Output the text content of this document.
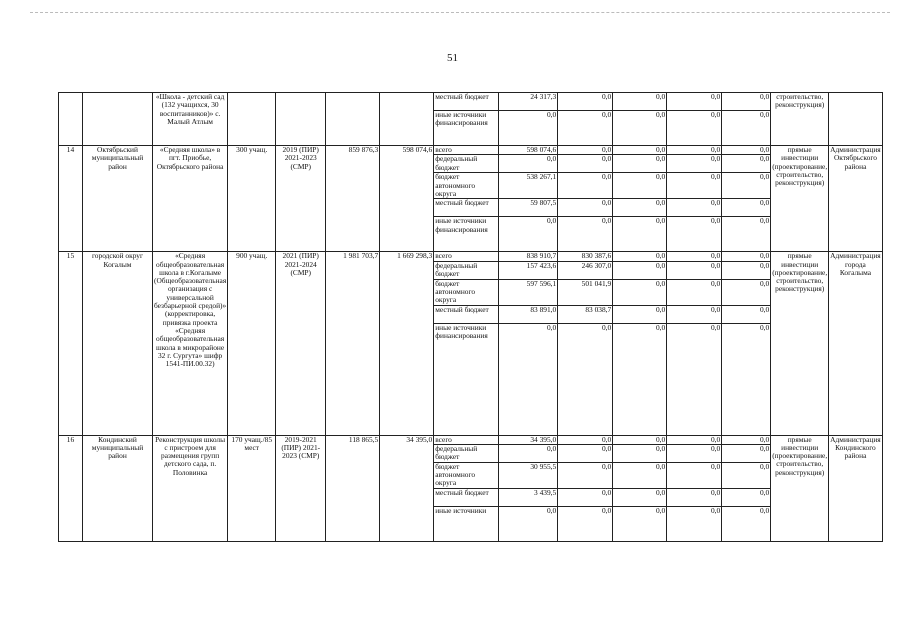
51
		«Школа - детский сад (132 учащихся, 30 воспитанников)» с. Малый Атлым					местный бюджет	24 317,3	0,0	0,0	0,0	0,0	строительство, реконструкция)	
							иные источники финансирования	0,0	0,0	0,0	0,0	0,0		
14	Октябрьский муниципальный район	«Средняя школа» в пгт. Приобье, Октябрьского района	300 учащ.	2019 (ПИР) 2021-2023 (СМР)	859 876,3	598 074,6	всего	598 074,6	0,0	0,0	0,0	0,0	прямые инвестиции (проектирование, строительство, реконструкция)	Администрация Октябрьского района
							федеральный бюджет	0,0	0,0	0,0	0,0	0,0		
							бюджет автономного округа	538 267,1	0,0	0,0	0,0	0,0		
							местный бюджет	59 807,5	0,0	0,0	0,0	0,0		
							иные источники финансирования	0,0	0,0	0,0	0,0	0,0		
15	городской округ Когалым	«Средняя общеобразовательная школа в г.Когалыме (Общеобразовательная организация с универсальной безбарьерной средой)» (корректировка, привязка проекта «Средняя общеобразовательная школа в микрорайоне 32 г. Сургута» шифр 1541-ПИ.00.32)	900 учащ.	2021 (ПИР) 2021-2024 (СМР)	1 981 703,7	1 669 298,3	всего	838 910,7	830 387,6	0,0	0,0	0,0	прямые инвестиции (проектирование, строительство, реконструкция)	Администрация города Когалыма
							федеральный бюджет	157 423,6	246 307,0	0,0	0,0	0,0		
							бюджет автономного округа	597 596,1	501 041,9	0,0	0,0	0,0		
							местный бюджет	83 891,0	83 038,7	0,0	0,0	0,0		
							иные источники финансирования	0,0	0,0	0,0	0,0	0,0		
16	Кондинский муниципальный район	Реконструкция школы с пристроем для размещения групп детского сада, п. Половинка	170 учащ./85 мест	2019-2021 (ПИР) 2021-2023 (СМР)	118 865,5	34 395,0	всего	34 395,0	0,0	0,0	0,0	0,0	прямые инвестиции (проектирование, строительство, реконструкция)	Администрация Кондинского района
							федеральный бюджет	0,0	0,0	0,0	0,0	0,0		
							бюджет автономного округа	30 955,5	0,0	0,0	0,0	0,0		
							местный бюджет	3 439,5	0,0	0,0	0,0	0,0		
							иные источники	0,0	0,0	0,0	0,0	0,0		
